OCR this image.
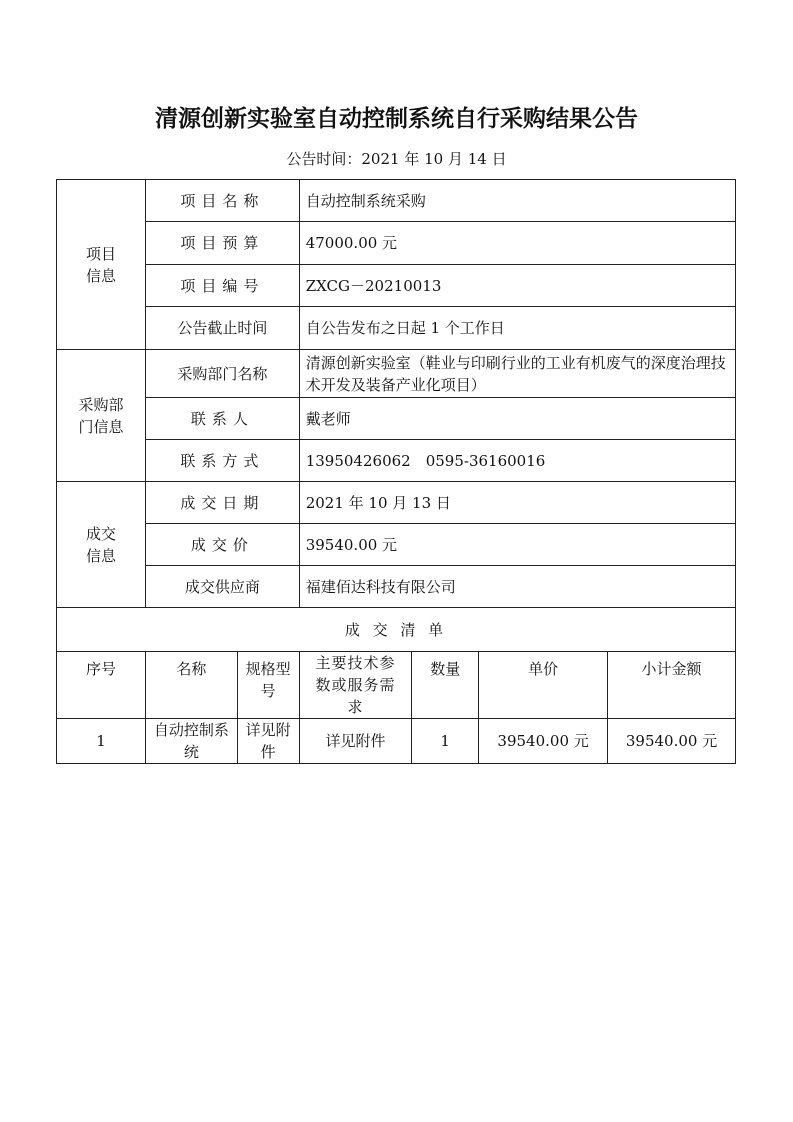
清源创新实验室自动控制系统自行采购结果公告
公告时间：2021 年 10 月 14 日
项目
信息	项目名称		自动控制系统采购			
	项目预算		47000.00 元			
	项目编号		ZXCG－20210013			
	公告截止时间		自公告发布之日起 1 个工作日			
采购部
门信息	采购部门名称		清源创新实验室（鞋业与印刷行业的工业有机废气的深度治理技术开发及装备产业化项目）			
	联系人		戴老师			
	联系方式		13950426062　0595-36160016			
成交
信息	成交日期		2021 年 10 月 13 日			
	成交价		39540.00 元			
	成交供应商		福建佰达科技有限公司			
成 交 清 单						
序号	名称	规格型号	主要技术参数或服务需求	数量	单价	小计金额
1	自动控制系统	详见附件	详见附件	1	39540.00 元	39540.00 元
